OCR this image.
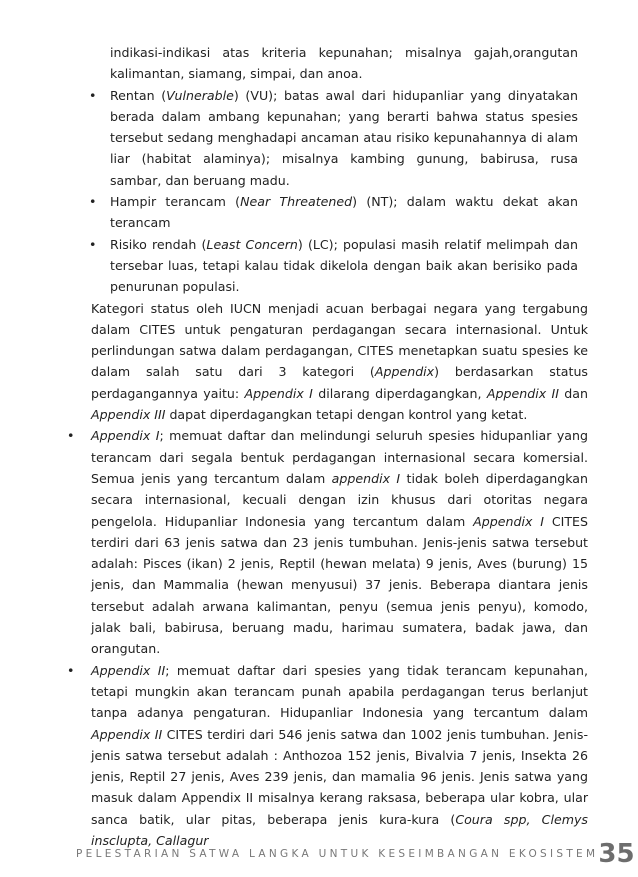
indikasi-indikasi atas kriteria kepunahan; misalnya gajah,orangutan kalimantan, siamang, simpai, dan anoa.

• Rentan (Vulnerable) (VU); batas awal dari hidupanliar yang dinyatakan berada dalam ambang kepunahan; yang berarti bahwa status spesies tersebut sedang menghadapi ancaman atau risiko kepunahannya di alam liar (habitat alaminya); misalnya kambing gunung, babirusa, rusa sambar, dan beruang madu.
• Hampir terancam (Near Threatened) (NT); dalam waktu dekat akan terancam
• Risiko rendah (Least Concern) (LC); populasi masih relatif melimpah dan tersebar luas, tetapi kalau tidak dikelola dengan baik akan berisiko pada penurunan populasi.

Kategori status oleh IUCN menjadi acuan berbagai negara yang tergabung dalam CITES untuk pengaturan perdagangan secara internasional. Untuk perlindungan satwa dalam perdagangan, CITES menetapkan suatu spesies ke dalam salah satu dari 3 kategori (Appendix) berdasarkan status perdagangannya yaitu: Appendix I dilarang diperdagangkan, Appendix II dan Appendix III dapat diperdagangkan tetapi dengan kontrol yang ketat.

• Appendix I; memuat daftar dan melindungi seluruh spesies hidupanliar yang terancam dari segala bentuk perdagangan internasional secara komersial. Semua jenis yang tercantum dalam appendix I tidak boleh diperdagangkan secara internasional, kecuali dengan izin khusus dari otoritas negara pengelola. Hidupanliar Indonesia yang tercantum dalam Appendix I CITES terdiri dari 63 jenis satwa dan 23 jenis tumbuhan. Jenis-jenis satwa tersebut adalah: Pisces (ikan) 2 jenis, Reptil (hewan melata) 9 jenis, Aves (burung) 15 jenis, dan Mammalia (hewan menyusui) 37 jenis. Beberapa diantara jenis tersebut adalah arwana kalimantan, penyu (semua jenis penyu), komodo, jalak bali, babirusa, beruang madu, harimau sumatera, badak jawa, dan orangutan.
• Appendix II; memuat daftar dari spesies yang tidak terancam kepunahan, tetapi mungkin akan terancam punah apabila perdagangan terus berlanjut tanpa adanya pengaturan. Hidupanliar Indonesia yang tercantum dalam Appendix II CITES terdiri dari 546 jenis satwa dan 1002 jenis tumbuhan. Jenis-jenis satwa tersebut adalah : Anthozoa 152 jenis, Bivalvia 7 jenis, Insekta 26 jenis, Reptil 27 jenis, Aves 239 jenis, dan mamalia 96 jenis. Jenis satwa yang masuk dalam Appendix II misalnya kerang raksasa, beberapa ular kobra, ular sanca batik, ular pitas, beberapa jenis kura-kura (Coura spp, Clemys insclupta, Callagur
PELESTARIAN SATWA LANGKA UNTUK KESEIMBANGAN EKOSISTEM 35
